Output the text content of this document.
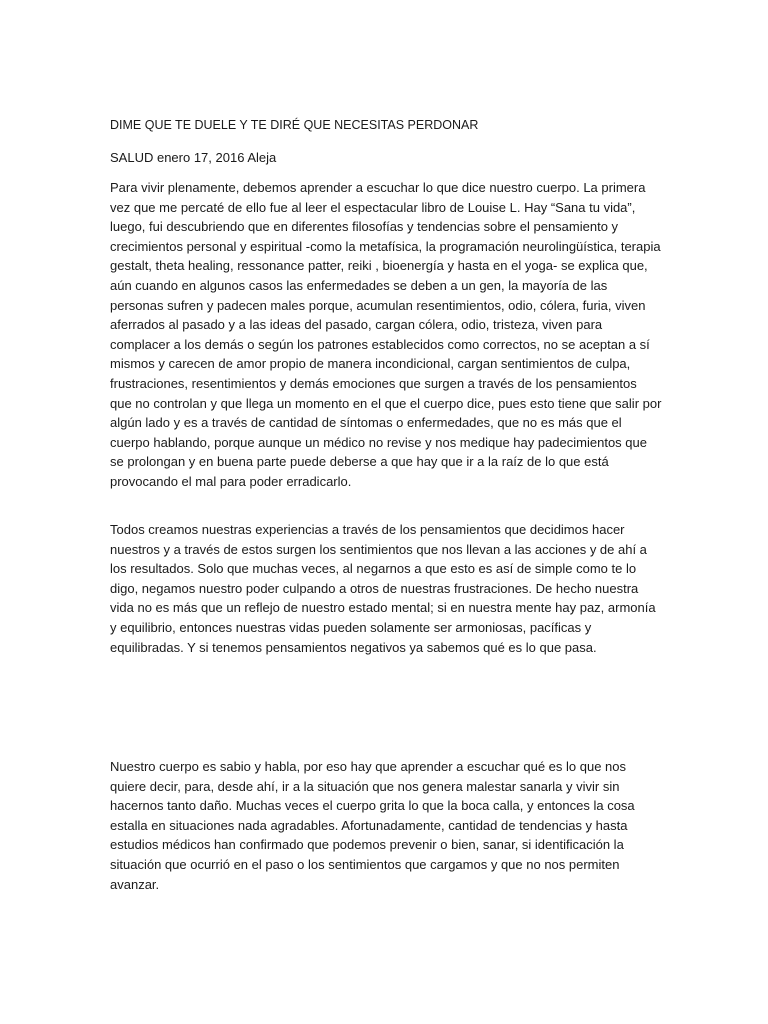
DIME QUE TE DUELE Y TE DIRÉ QUE NECESITAS PERDONAR

SALUD enero 17, 2016 Aleja

Para vivir plenamente, debemos aprender a escuchar lo que dice nuestro cuerpo. La primera vez que me percaté de ello fue al leer el espectacular libro de Louise L. Hay “Sana tu vida”, luego, fui descubriendo que en diferentes filosofías y tendencias sobre el pensamiento y crecimientos personal y espiritual -como la metafísica, la programación neurolingüística, terapia gestalt, theta healing, ressonance patter, reiki , bioenergía y hasta en el yoga- se explica que, aún cuando en algunos casos las enfermedades se deben a un gen, la mayoría de las personas sufren y padecen males porque, acumulan resentimientos, odio, cólera, furia, viven aferrados al pasado y a las ideas del pasado, cargan cólera, odio, tristeza, viven para complacer a los demás o según los patrones establecidos como correctos, no se aceptan a sí mismos y carecen de amor propio de manera incondicional, cargan sentimientos de culpa, frustraciones, resentimientos y demás emociones que surgen a través de los pensamientos que no controlan y que llega un momento en el que el cuerpo dice, pues esto tiene que salir por algún lado y es a través de cantidad de síntomas o enfermedades, que no es más que el cuerpo hablando, porque aunque un médico no revise y nos medique hay padecimientos que se prolongan y en buena parte puede deberse a que hay que ir a la raíz de lo que está provocando el mal para poder erradicarlo.

Todos creamos nuestras experiencias a través de los pensamientos que decidimos hacer nuestros y a través de estos surgen los sentimientos que nos llevan a las acciones y de ahí a los resultados. Solo que muchas veces, al negarnos a que esto es así de simple como te lo digo, negamos nuestro poder culpando a otros de nuestras frustraciones. De hecho nuestra vida no es más que un reflejo de nuestro estado mental; si en nuestra mente hay paz, armonía y equilibrio, entonces nuestras vidas pueden solamente ser armoniosas, pacíficas y equilibradas. Y si tenemos pensamientos negativos ya sabemos qué es lo que pasa.

Nuestro cuerpo es sabio y habla, por eso hay que aprender a escuchar qué es lo que nos quiere decir, para, desde ahí, ir a la situación que nos genera malestar sanarla y vivir sin hacernos tanto daño. Muchas veces el cuerpo grita lo que la boca calla, y entonces la cosa estalla en situaciones nada agradables. Afortunadamente, cantidad de tendencias y hasta estudios médicos han confirmado que podemos prevenir o bien, sanar, si identificación la situación que ocurrió en el paso o los sentimientos que cargamos y que no nos permiten avanzar.
